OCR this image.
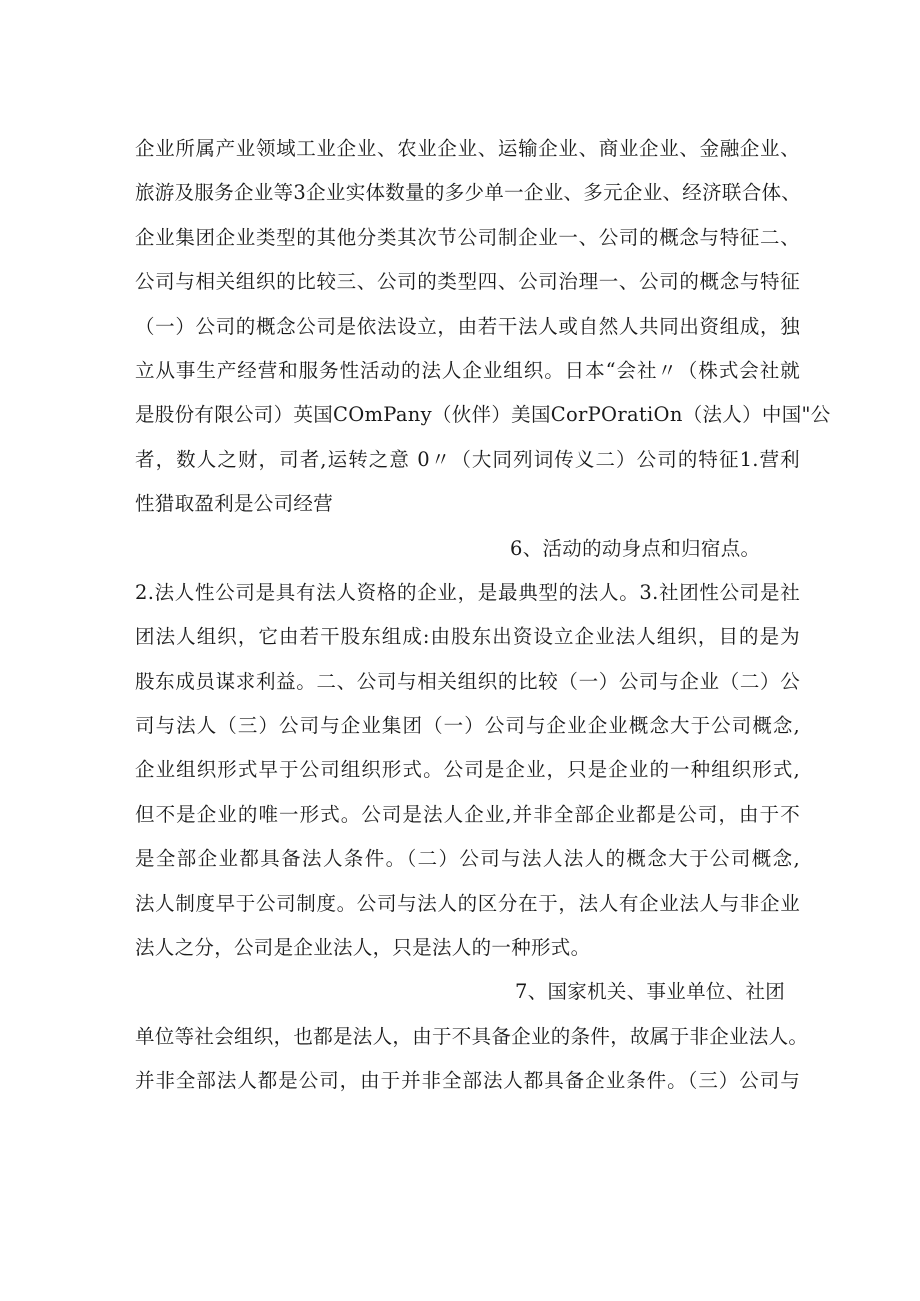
企业所属产业领域工业企业、农业企业、运输企业、商业企业、金融企业、
旅游及服务企业等3企业实体数量的多少单一企业、多元企业、经济联合体、
企业集团企业类型的其他分类其次节公司制企业一、公司的概念与特征二、
公司与相关组织的比较三、公司的类型四、公司治理一、公司的概念与特征
（一）公司的概念公司是依法设立，由若干法人或自然人共同出资组成，独
立从事生产经营和服务性活动的法人企业组织。日本“会社〃（株式会社就
是股份有限公司）英国COmPany（伙伴）美国CorPOratiOn（法人）中国"公
者，数人之财，司者,运转之意 0〃（大同列词传义二）公司的特征1.营利
性猎取盈利是公司经营
6、活动的动身点和归宿点。
2.法人性公司是具有法人资格的企业，是最典型的法人。3.社团性公司是社
团法人组织，它由若干股东组成:由股东出资设立企业法人组织，目的是为
股东成员谋求利益。二、公司与相关组织的比较（一）公司与企业（二）公
司与法人（三）公司与企业集团（一）公司与企业企业概念大于公司概念,
企业组织形式早于公司组织形式。公司是企业，只是企业的一种组织形式,
但不是企业的唯一形式。公司是法人企业,并非全部企业都是公司，由于不
是全部企业都具备法人条件。（二）公司与法人法人的概念大于公司概念,
法人制度早于公司制度。公司与法人的区分在于，法人有企业法人与非企业
法人之分，公司是企业法人，只是法人的一种形式。
7、国家机关、事业单位、社团
单位等社会组织，也都是法人，由于不具备企业的条件，故属于非企业法人。
并非全部法人都是公司，由于并非全部法人都具备企业条件。（三）公司与
